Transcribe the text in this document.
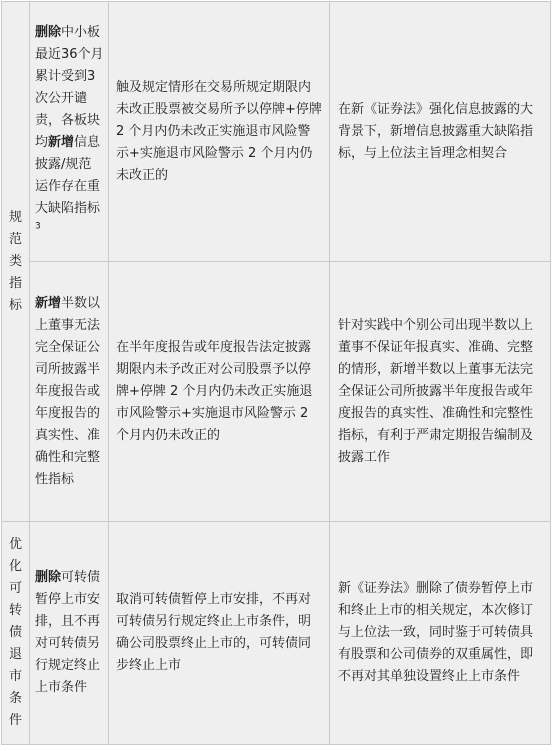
规范类指标	删除中小板最近36个月累计受到3次公开谴责，各板块均新增信息披露/规范运作存在重大缺陷指标$^3$	触及规定情形在交易所规定期限内未改正股票被交易所予以停牌+停牌 2 个月内仍未改正实施退市风险警示+实施退市风险警示 2 个月内仍未改正的	在新《证券法》强化信息披露的大背景下，新增信息披露重大缺陷指标，与上位法主旨理念相契合

	新增半数以上董事无法完全保证公司所披露半年度报告或年度报告的真实性、准确性和完整性指标	在半年度报告或年度报告法定披露期限内未予改正对公司股票予以停牌+停牌 2 个月内仍未改正实施退市风险警示+实施退市风险警示 2 个月内仍未改正的	针对实践中个别公司出现半数以上董事不保证年报真实、准确、完整的情形，新增半数以上董事无法完全保证公司所披露半年度报告或年度报告的真实性、准确性和完整性指标，有利于严肃定期报告编制及披露工作

优化可转债退市条件	删除可转债暂停上市安排，且不再对可转债另行规定终止上市条件	取消可转债暂停上市安排，不再对可转债另行规定终止上市条件，明确公司股票终止上市的，可转债同步终止上市	新《证券法》删除了债券暂停上市和终止上市的相关规定，本次修订与上位法一致，同时鉴于可转债具有股票和公司债券的双重属性，即不再对其单独设置终止上市条件
